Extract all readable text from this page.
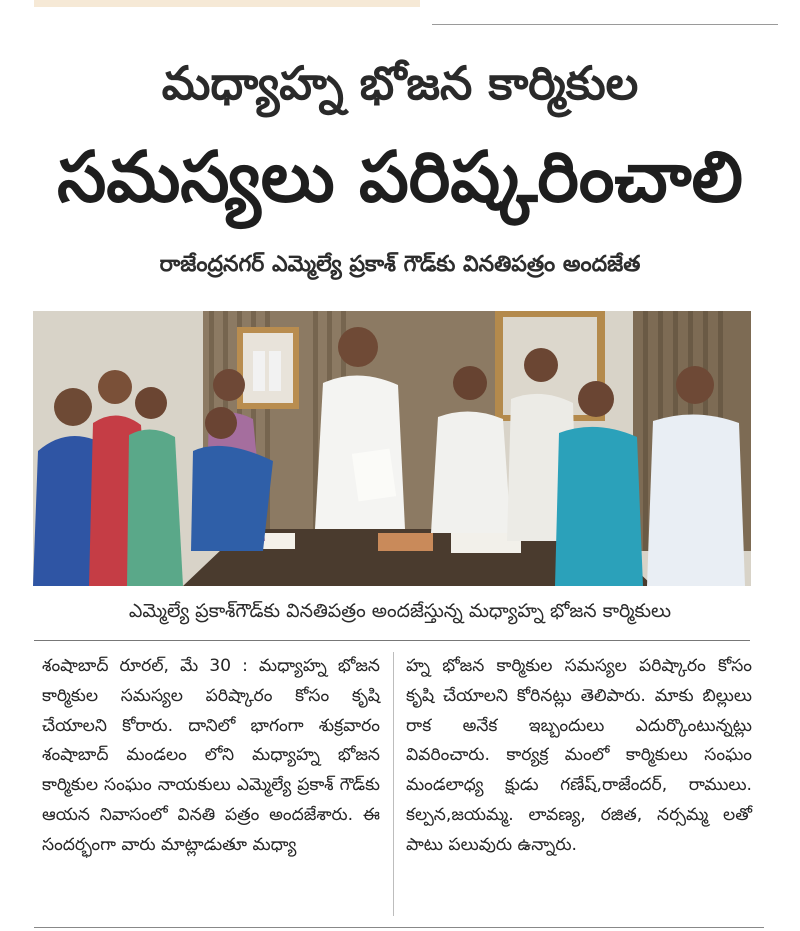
మధ్యాహ్న భోజన కార్మికుల
సమస్యలు పరిష్కరించాలి
రాజేంద్రనగర్ ఎమ్మెల్యే ప్రకాశ్ గౌడ్‌కు వినతిపత్రం అందజేత
ఎమ్మెల్యే ప్రకాశ్‌గౌడ్‌కు వినతిపత్రం అందజేస్తున్న మధ్యాహ్న భోజన కార్మికులు

శంషాబాద్ రూరల్, మే 30 : మధ్యాహ్న భోజన కార్మికుల సమస్యల పరిష్కారం కోసం కృషి చేయాలని కోరారు. దానిలో భాగంగా శుక్రవారం శంషాబాద్ మండలం లోని మధ్యాహ్న భోజన కార్మికుల సంఘం నాయకులు ఎమ్మెల్యే ప్రకాశ్ గౌడ్‌కు ఆయన నివాసంలో వినతి పత్రం అందజేశారు. ఈ సందర్భంగా వారు మాట్లాడుతూ మధ్యా

హ్న భోజన కార్మికుల సమస్యల పరిష్కారం కోసం కృషి చేయాలని కోరినట్లు తెలిపారు. మాకు బిల్లులు రాక అనేక ఇబ్బందులు ఎదుర్కొంటున్నట్లు వివరించారు. కార్యక్ర మంలో కార్మికులు సంఘం మండలాధ్య క్షుడు గణేష్,రాజేందర్, రాములు. కల్పన,జయమ్మ. లావణ్య, రజిత, నర్సమ్మ లతో పాటు పలువురు ఉన్నారు.
